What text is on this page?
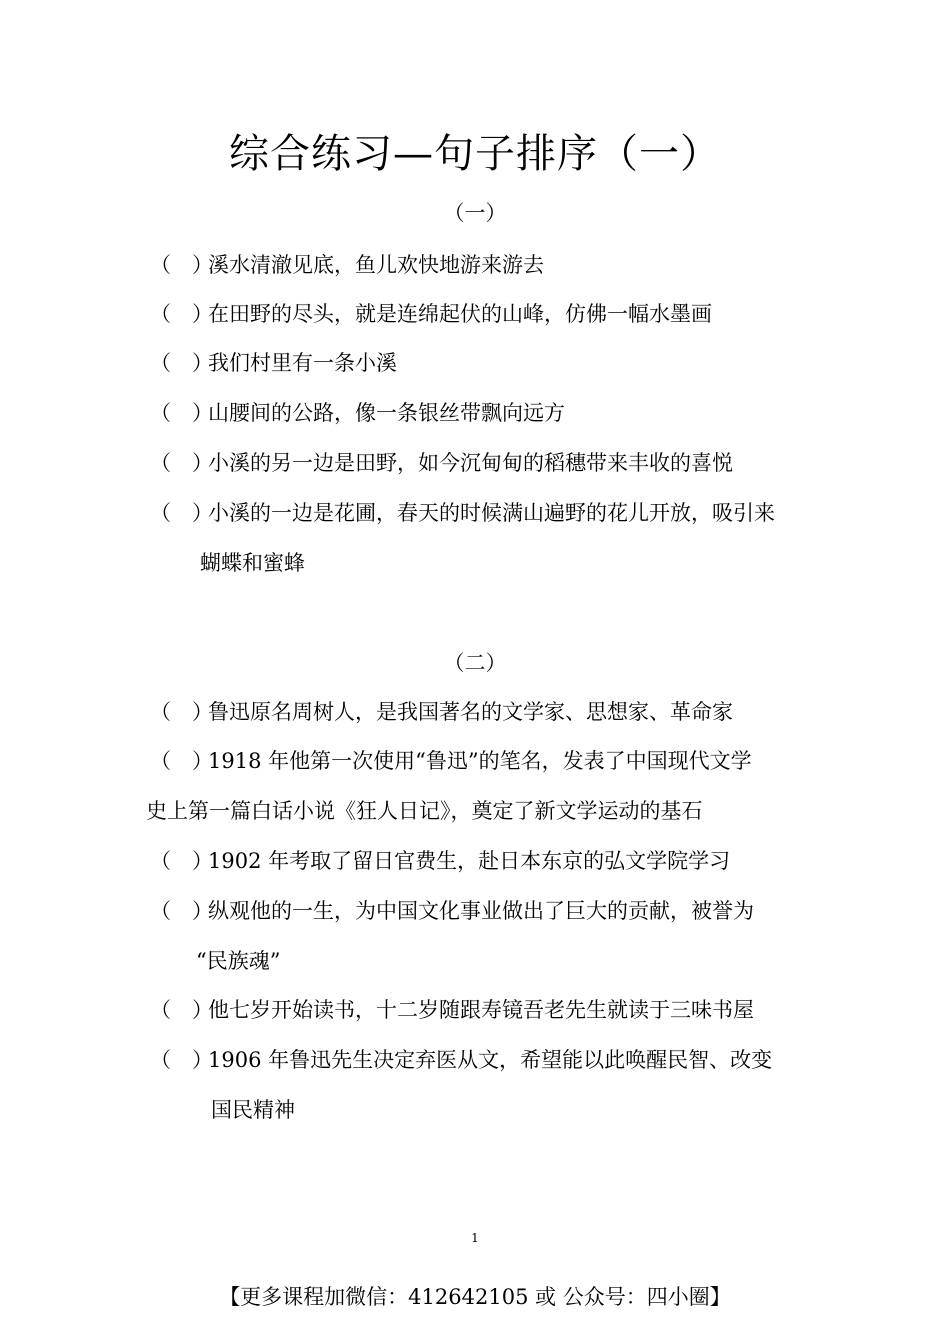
综合练习—句子排序（一）
（一）
（　）溪水清澈见底，鱼儿欢快地游来游去
（　）在田野的尽头，就是连绵起伏的山峰，仿佛一幅水墨画
（　）我们村里有一条小溪
（　）山腰间的公路，像一条银丝带飘向远方
（　）小溪的另一边是田野，如今沉甸甸的稻穗带来丰收的喜悦
（　）小溪的一边是花圃，春天的时候满山遍野的花儿开放，吸引来
蝴蝶和蜜蜂
（二）
（　）鲁迅原名周树人，是我国著名的文学家、思想家、革命家
（　）1918 年他第一次使用“鲁迅”的笔名，发表了中国现代文学
史上第一篇白话小说《狂人日记》，奠定了新文学运动的基石
（　）1902 年考取了留日官费生，赴日本东京的弘文学院学习
（　）纵观他的一生，为中国文化事业做出了巨大的贡献，被誉为
“民族魂”
（　）他七岁开始读书，十二岁随跟寿镜吾老先生就读于三味书屋
（　）1906 年鲁迅先生决定弃医从文，希望能以此唤醒民智、改变
国民精神
1
【更多课程加微信：412642105 或 公众号：四小圈】
